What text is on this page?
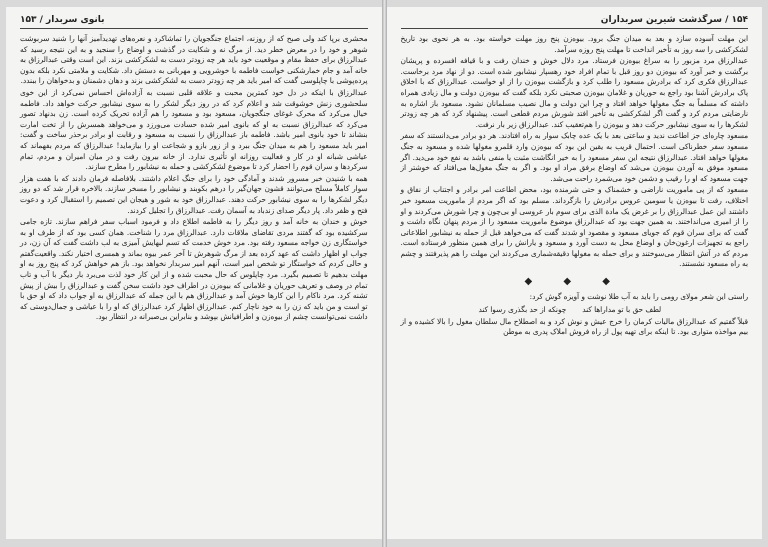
بانوی سربدار / ۱۵۳

محشری برپا کند ولی صبح که از روزنه، اجتماع جنگجویان را تماشاکرد و نعره‌های تهدیدآمیز آنها را شنید سربوشت شوهر و خود را در معرض خطر دید. از مرگ نه و شکایت در گذشت و اوضاع را سنجید و به این نتیجه رسید که عبدالرزاق برای حفظ مقام و موقعیت خود باید هر چه زودتر دست به لشکرکشی بزند. این است وقتی عبدالرزاق به خانه آمد و جام خمارشکنی خواست فاطمه با خوشرویی و مهربانی به دستش داد. شکایت و ملامتی نکرد بلکه بدون پرده‌پوشی با چاپلوسی گفت که امیر باید هر چه زودتر دست به لشکرکشی بزند و دهان دشمنان و بدخواهان را ببندد.

عبدالرزاق با اینکه در دل خود کمترین محبت و علاقه قلبی نسبت به آزاده‌اش احساس نمی‌کرد از این خوی سلحشوری زنش خوشوقت شد و اعلام کرد که در روز دیگر لشکر را به سوی نیشابور حرکت خواهد داد. فاطمه خیال می‌کرد که محرک غوغای جنگجویان، مسعود بود و مسعود را هم آزاده تحریک کرده است. زن بدنهاد تصور می‌کرد که عبدالرزاق نسبت به او که بانوی امیر شده حسادت می‌ورزد و می‌خواهد همسرش را از تخت امارت بنشاند تا خود بانوی امیر باشد. فاطمه باز عبدالرزاق را نسبت به مسعود و رقابت او برادر برحذر ساخت و گفت: امیر باید مسعود را هم به میدان جنگ ببرد و از زور بازو و شجاعت او را بیازماید! عبدالرزاق که مردم بفهماند که عیاشی شبانه او در کار و فعالیت روزانه او تأثیری ندارد. از خانه بیرون رفت و در میان امیران و مردم، تمام سرکردها و سران قوم را احضار کرد تا موضوع لشکرکشی و حمله به نیشابور را مطرح سازند.

همه با شنیدن خبر مسرور شدند و آمادگی خود را برای جنگ اعلام داشتند. بلافاصله فرمان دادند که با هفت هزار سوار کاملاً مسلح می‌توانند قشون جهان‌گیر را درهم بکوبند و نیشابور را مسخر سازند. بالاخره قرار شد که دو روز دیگر لشکرها را به سوی نیشابور حرکت دهند. عبدالرزاق خود به شور و هیجان این تصمیم را استقبال کرد و دعوت فتح و ظفر داد. پار دیگر صدای زندباد به آسمان رفت. عبدالرزاق را تجلیل کردند.

خوش و خندان به خانه آمد و روز دیگر را به فاطمه اطلاع داد و فرمود اسباب سفر فراهم سازند. تازه جامی سرکشیده بود که گفتند مردی تقاضای ملاقات دارد. عبدالرزاق مرد را شناخت. همان کسی بود که از طرف او به خواستگاری زن خواجه مسعود رفته بود. مرد خوش خدمت که تسم لبهایش آمیزی به لب داشت گفت که آن زن، در جواب او اظهار داشت که عهد کرده بعد از مرگ شوهرش تا آخر عمر بیوه بماند و همسری اختیار نکند. واقعیت‌گفتم و حالی کردم که خواستگار تو شخص امیر است، آنهم امیر سربدار نخواهد بود. باز هم خواهش کرد که پنج روز به او مهلت بدهیم تا تصمیم بگیرد. مرد چاپلوس که حال محبت شده و از این کار خود لذت می‌برد بار دیگر با آب و تاب تمام در وصف و تعریف حوریان و غلامانی که بیوه‌زن در اطراف خود داشت سخن گفت و عبدالرزاق را بیش از پیش تشنه کرد. مرد ناکام را این کارها خوش آمد و عبدالرزاق هم با این جمله که عبدالرزاق به او جواب داد که او حق با تو است و من باید که زن را به خود ناچار کنم. عبدالرزاق اظهار کرد عبدالرزاق که او را با عیاشی و جمال‌دوستی که داشت نمی‌توانست چشم از بیوه‌زن و اطرافیانش بپوشد و بنابراین بی‌صبرانه در انتظار بود.

۱۵۴ / سرگذشت شیرین سربداران

این مهلت آسوده سازد و بعد به میدان جنگ برود. بیوه‌زن پنج روز مهلت خواسته بود. به هر نحوی بود تاریخ لشکرکشی را سه روز به تأخیر انداخت تا مهلت پنج روزه سرآمد.

عبدالرزاق مرد مزبور را به سراغ بیوه‌زن فرستاد. مرد دلال خوش و خندان رفت و با قیافه افسرده و پریشان برگشت و خبر آورد که بیوه‌زن دو روز قبل با تمام افراد خود رهسپار نیشابور شده است. دو از نهاد مرد برخاست. عبدالرزاق فکری کرد که برادرش مسعود را طلب کرد و بازگشت بیوه‌زن را از او خواست. عبدالرزاق که با اخلاق پاک برادرش آشنا بود راجع به حوریان و غلامان بیوه‌زن صحبتی نکرد بلکه گفت که بیوه‌زن دولت و مال زیادی همراه داشته که مسلماً به جنگ مغولها خواهد افتاد و چرا این دولت و مال نصیب مسلمانان نشود. مسعود باز اشاره به نارضایتی مردم کرد و گفت اگر لشکرکشی به تأخیر افتد شورش مردم قطعی است. پیشنهاد کرد که هر چه زودتر لشکرها را به سوی نیشابور حرکت دهد و بیوه‌زن را هم‌تعقیب کند. عبدالرزاق زیر بار نرفت.

مسعود چاره‌ای جز اطاعت ندید و ساعتی بعد با یک عده چابک سوار به راه افتادند. هر دو برادر می‌دانستند که سفر مسعود سفر خطرناکی است. احتمال قریب به یقین این بود که بیوه‌زن وارد قلمرو مغولها شده و مسعود به جنگ مغولها خواهد افتاد. عبدالرزاق نتیجه این سفر مسعود را به خیر انگاشت مثبت یا منفی باشد به نفع خود می‌دید. اگر مسعود موفق به آوردن بیوه‌زن می‌شد که اوضاع برفق مراد او بود. و اگر به جنگ مغول‌ها می‌افتاد که خوشتر از جهت مسعود که او را رقیب و دشمن خود می‌شمرد راحت می‌شد.

مسعود که از پی ماموریت ناراضی و خشمناک و حتی شرمنده بود، محض اطاعت امر برادر و اجتناب از نفاق و اختلاف، رفت تا بیوه‌زن یا سومین عروس برادرش را بازگرداند. مسلم بود که اگر مردم از ماموریت مسعود خبر داشتند این عمل عبدالرزاق را بر غرض یک مادة الذی برای سوم بار عروسی او بی‌چون و چرا شورش می‌کردند و او را از امیری می‌انداختند. به همین جهت بود که عبدالرزاق موضوع ماموریت مسعود را از مردم پنهان نگاه داشت و گفت که برای سران قوم که جویای مسعود و مقصود او شدند گفت که می‌خواهد قبل از حمله به نیشابور اطلاعاتی راجع به تجهیزات ارغون‌خان و اوضاع محل به دست آورد و مسعود و یارانش را برای همین منظور فرستاده است. مردم که در آتش انتظار می‌سوختند و برای حمله به مغولها دقیقه‌شماری می‌کردند این مهلت را هم پذیرفتند و چشم به راه مسعود نشستند.

◆ ◆ ◆

راستی این شعر مولای رومی را باید به آب طلا نوشت و آویزه گوش کرد:

لطف حق با تو مداراها کند
چونکه از حد بگذری رسوا کند

قبلاً گفتیم که عبدالرزاق مالیات کرمان را خرج عیش و نوش کرد و به اصطلاح مال سلطان مغول را بالا کشیده و از بیم مواخذه متواری بود. تا اینکه برای تهیه پول از راه فروش املاک پدری به موطن
